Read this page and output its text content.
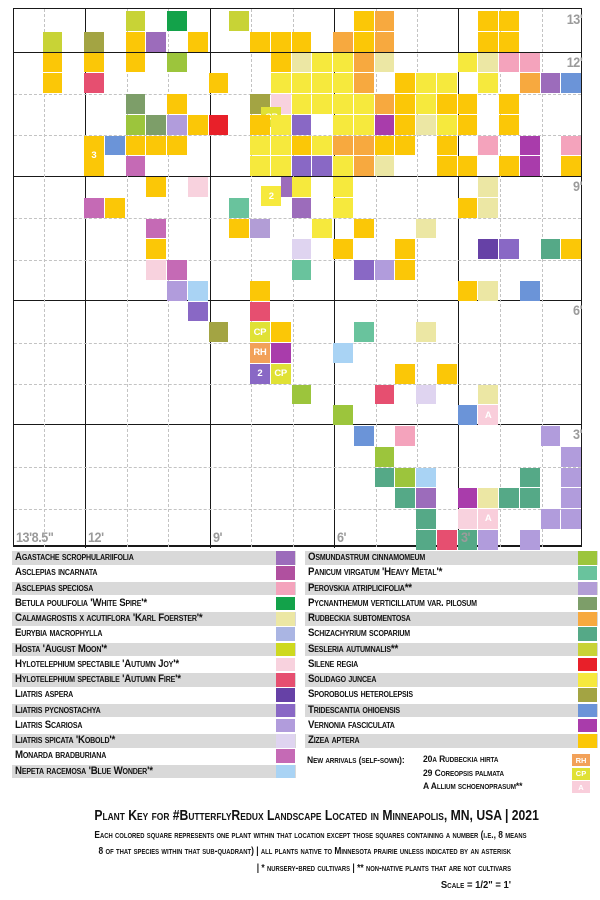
3
2
CP
RH
2	CP
A
A
13'
12'
9'
6'
3'
13'8.5" 12'	9'	6'	3'
Agastache scrophulariifolia
Asclepias incarnata
Asclepias speciosa
Betula poulifolia 'White Spire'*
Calamagrostis x acutiflora 'Karl Foerster'*
Eurybia macrophylla
Hosta 'August Moon'*
Hylotelephium spectabile 'Autumn Joy'*
Hylotelephium spectabile 'Autumn Fire'*
Liatris aspera
Liatris pycnostachya
Liatris Scariosa
Liatris spicata 'Kobold'*
Monarda bradburiana
Nepeta racemosa 'Blue Wonder'*
Osmundastrum cinnamomeum
Panicum virgatum 'Heavy Metal'*
Perovskia atriplicifolia**
Pycnanthemum verticillatum var. pilosum
Rudbeckia subtomentosa
Schizachyrium scoparium
Sesleria autumnalis**
Silene regia
Solidago juncea
Sporobolus heterolepsis
Tridescantia ohioensis
Vernonia fasciculata
Zizea aptera
New arrivals (self-sown): 20a Rudbeckia hirta	RH
29 Coreopsis palmata	CP
A Allium schoenoprasum**	A
Plant Key for #ButterflyRedux Landscape Located in Minneapolis, MN, USA | 2021
Each colored square represents one plant within that location except those squares containing a number (i.e., 8 means
8 of that species within that sub-quadrant) | all plants native to Minnesota prairie unless indicated by an asterisk
| * nursery-bred cultivars | ** non-native plants that are not cultivars
Scale = 1/2" = 1'
